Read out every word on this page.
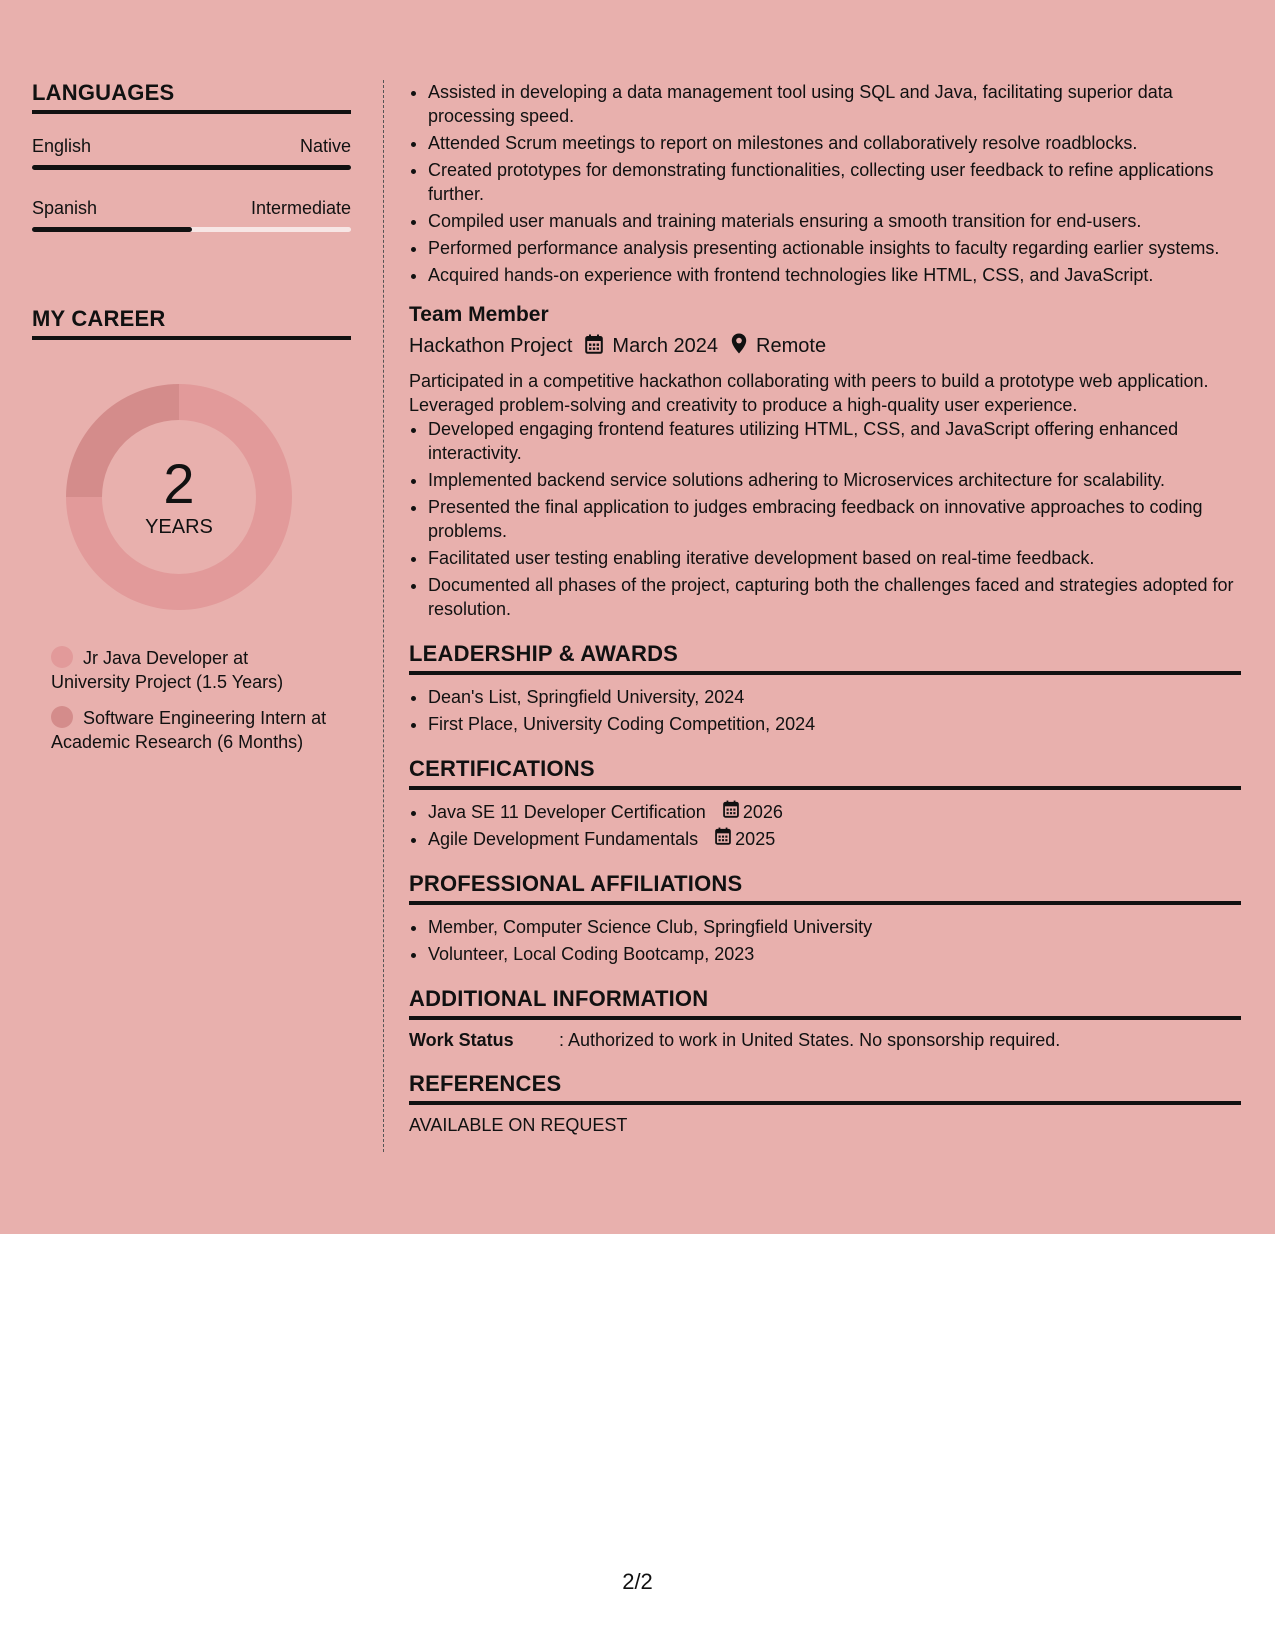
LANGUAGES
English	Native
Spanish	Intermediate
MY CAREER
2
YEARS
Jr Java Developer at University Project (1.5 Years)
Software Engineering Intern at Academic Research (6 Months)
• Assisted in developing a data management tool using SQL and Java, facilitating superior data processing speed.
• Attended Scrum meetings to report on milestones and collaboratively resolve roadblocks.
• Created prototypes for demonstrating functionalities, collecting user feedback to refine applications further.
• Compiled user manuals and training materials ensuring a smooth transition for end-users.
• Performed performance analysis presenting actionable insights to faculty regarding earlier systems.
• Acquired hands-on experience with frontend technologies like HTML, CSS, and JavaScript.
Team Member
Hackathon Project March 2024 Remote
Participated in a competitive hackathon collaborating with peers to build a prototype web application. Leveraged problem-solving and creativity to produce a high-quality user experience.
• Developed engaging frontend features utilizing HTML, CSS, and JavaScript offering enhanced interactivity.
• Implemented backend service solutions adhering to Microservices architecture for scalability.
• Presented the final application to judges embracing feedback on innovative approaches to coding problems.
• Facilitated user testing enabling iterative development based on real-time feedback.
• Documented all phases of the project, capturing both the challenges faced and strategies adopted for resolution.
LEADERSHIP & AWARDS
• Dean's List, Springfield University, 2024
• First Place, University Coding Competition, 2024
CERTIFICATIONS
• Java SE 11 Developer Certification 2026
• Agile Development Fundamentals 2025
PROFESSIONAL AFFILIATIONS
• Member, Computer Science Club, Springfield University
• Volunteer, Local Coding Bootcamp, 2023
ADDITIONAL INFORMATION
Work Status	: Authorized to work in United States. No sponsorship required.
REFERENCES
AVAILABLE ON REQUEST
2/2
